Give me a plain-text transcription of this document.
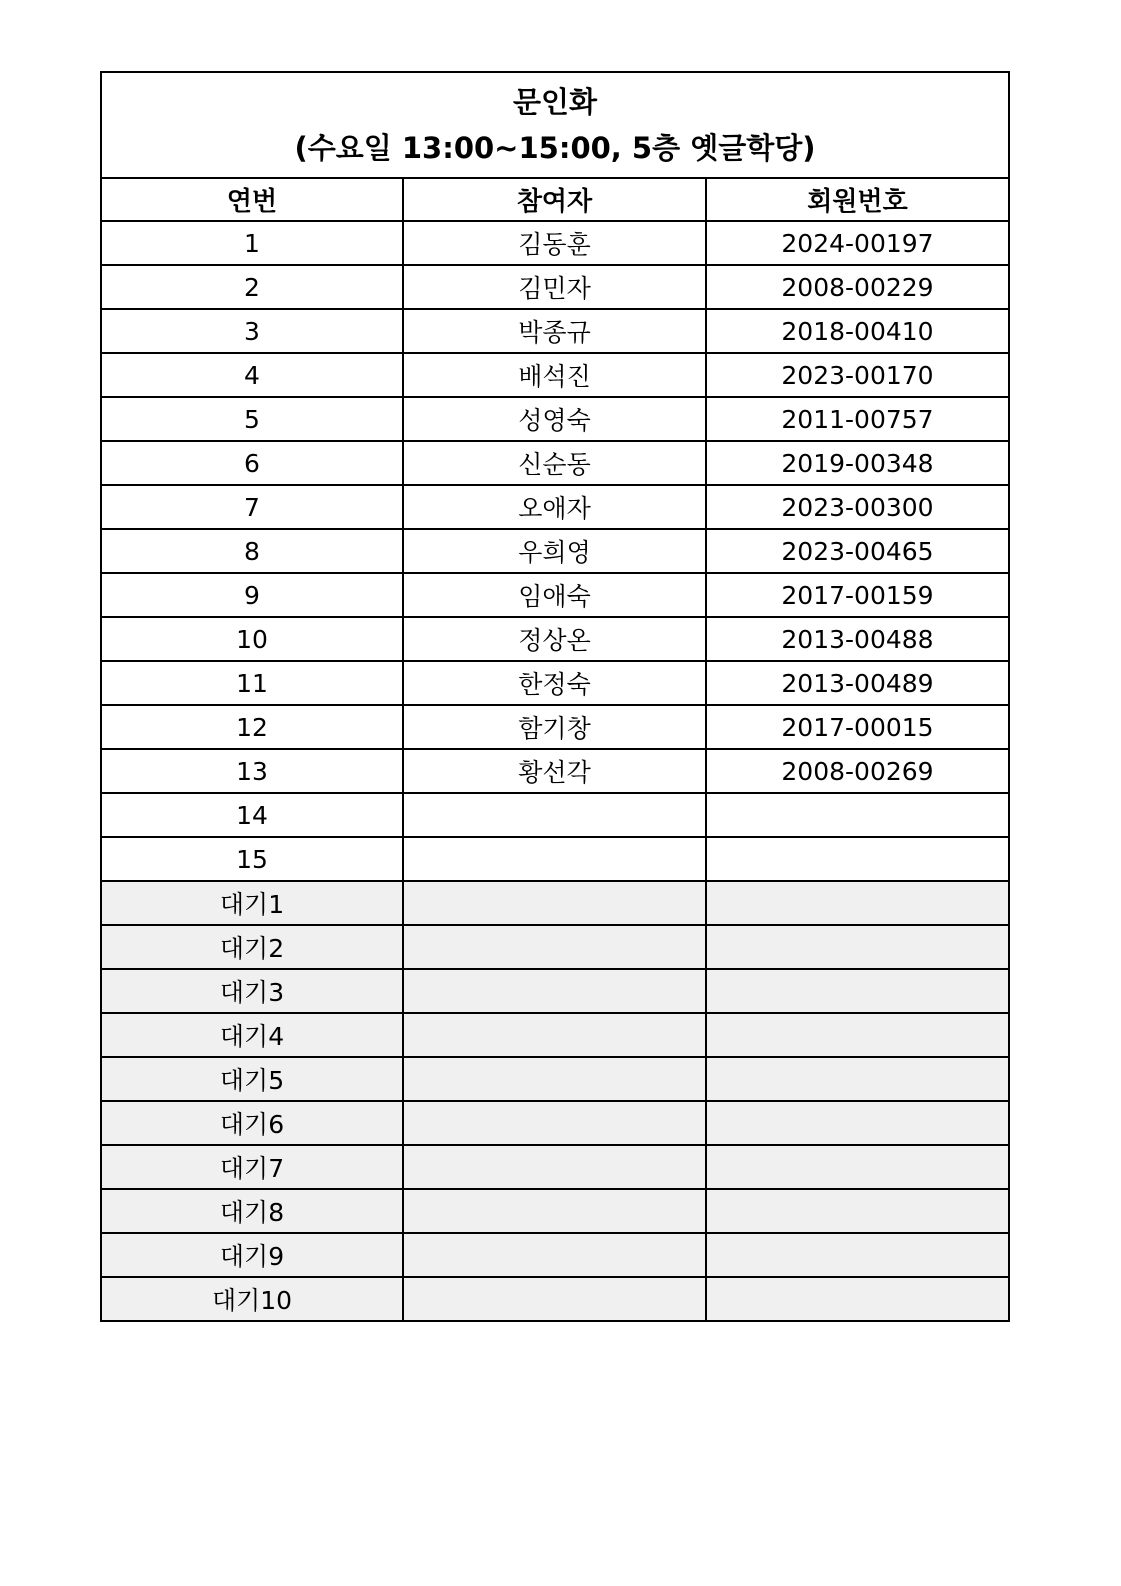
문인화
(수요일 13:00~15:00, 5층 옛글학당)		

연번	참여자	회원번호
1	김동훈	2024-00197
2	김민자	2008-00229
3	박종규	2018-00410
4	배석진	2023-00170
5	성영숙	2011-00757
6	신순동	2019-00348
7	오애자	2023-00300
8	우희영	2023-00465
9	임애숙	2017-00159
10	정상온	2013-00488
11	한정숙	2013-00489
12	함기창	2017-00015
13	황선각	2008-00269
14		
15		
대기1		
대기2		
대기3		
대기4		
대기5		
대기6		
대기7		
대기8		
대기9		
대기10		
